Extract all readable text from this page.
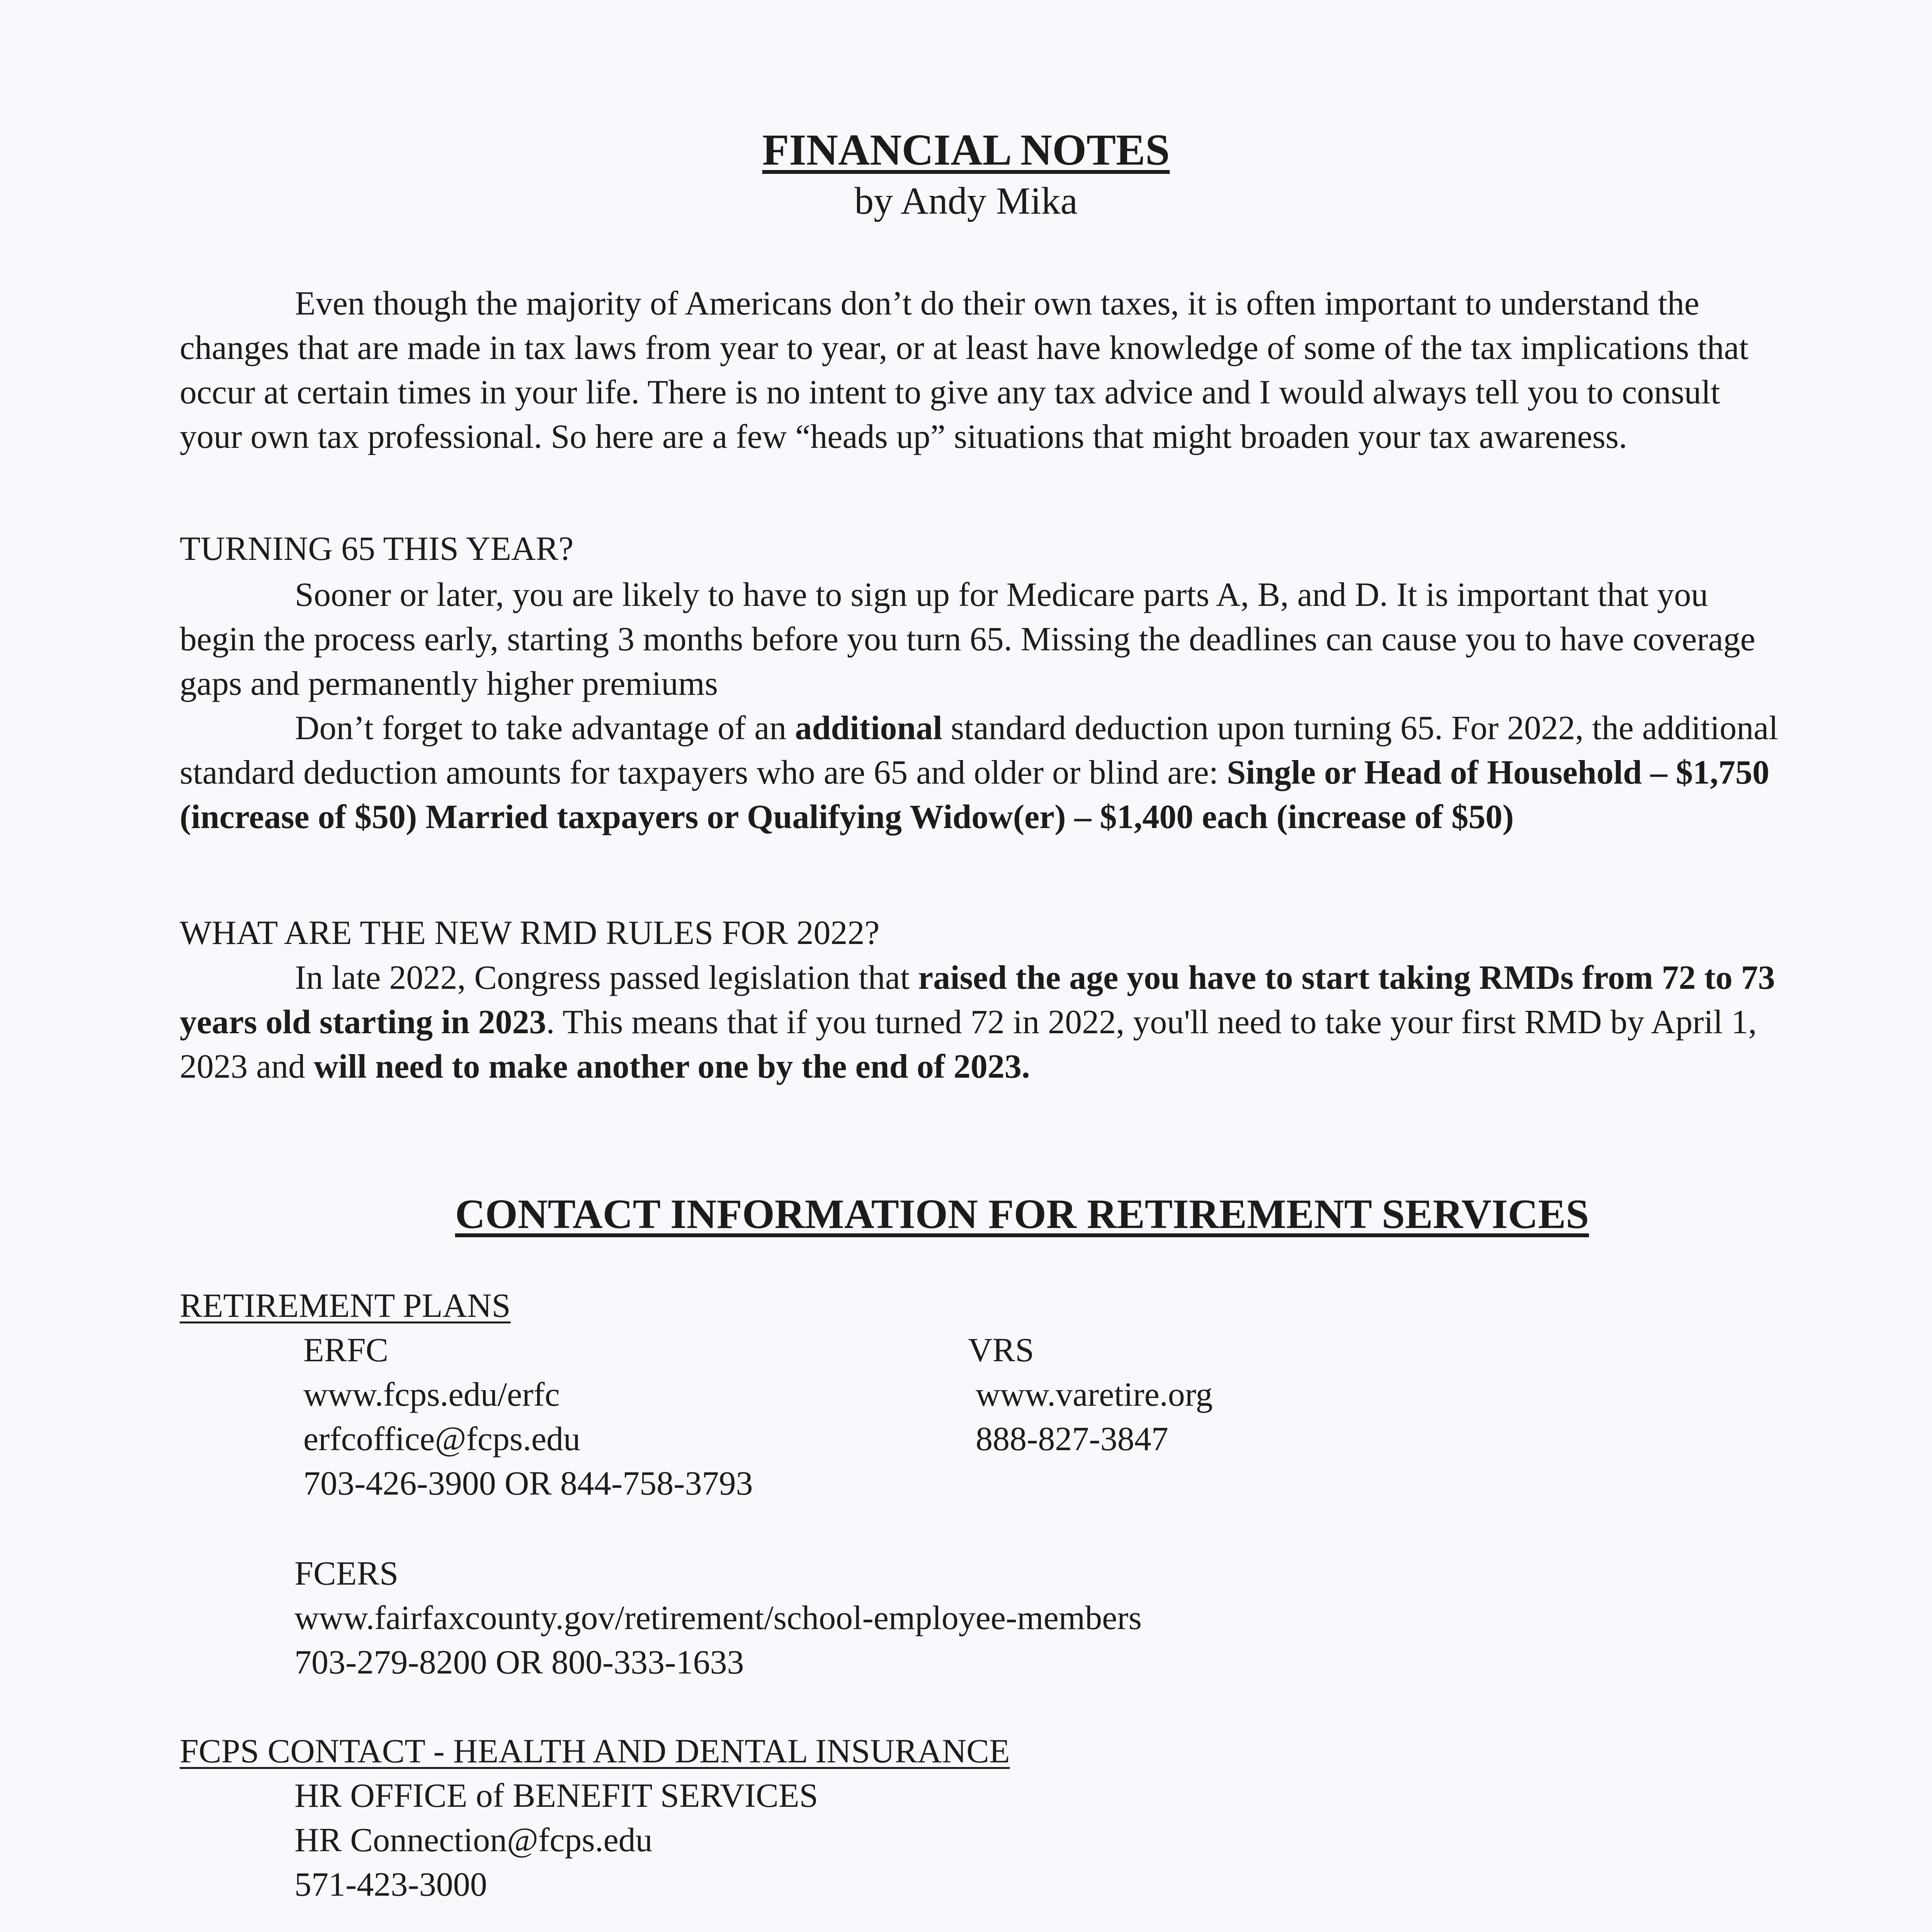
FINANCIAL NOTES
by Andy Mika

Even though the majority of Americans don’t do their own taxes, it is often important to understand the changes that are made in tax laws from year to year, or at least have knowledge of some of the tax implications that occur at certain times in your life. There is no intent to give any tax advice and I would always tell you to consult your own tax professional. So here are a few “heads up” situations that might broaden your tax awareness.

TURNING 65 THIS YEAR?

Sooner or later, you are likely to have to sign up for Medicare parts A, B, and D. It is important that you begin the process early, starting 3 months before you turn 65. Missing the deadlines can cause you to have coverage gaps and permanently higher premiums

Don’t forget to take advantage of an additional standard deduction upon turning 65. For 2022, the additional standard deduction amounts for taxpayers who are 65 and older or blind are: Single or Head of Household – $1,750 (increase of $50) Married taxpayers or Qualifying Widow(er) – $1,400 each (increase of $50)

WHAT ARE THE NEW RMD RULES FOR 2022?

In late 2022, Congress passed legislation that raised the age you have to start taking RMDs from 72 to 73 years old starting in 2023. This means that if you turned 72 in 2022, you'll need to take your first RMD by April 1, 2023 and will need to make another one by the end of 2023.

CONTACT INFORMATION FOR RETIREMENT SERVICES
RETIREMENT PLANS
ERFC
www.fcps.edu/erfc
erfcoffice@fcps.edu
703-426-3900 OR 844-758-3793
VRS
www.varetire.org
888-827-3847
FCERS
www.fairfaxcounty.gov/retirement/school-employee-members
703-279-8200 OR 800-333-1633
FCPS CONTACT - HEALTH AND DENTAL INSURANCE
HR OFFICE of BENEFIT SERVICES
HR Connection@fcps.edu
571-423-3000
